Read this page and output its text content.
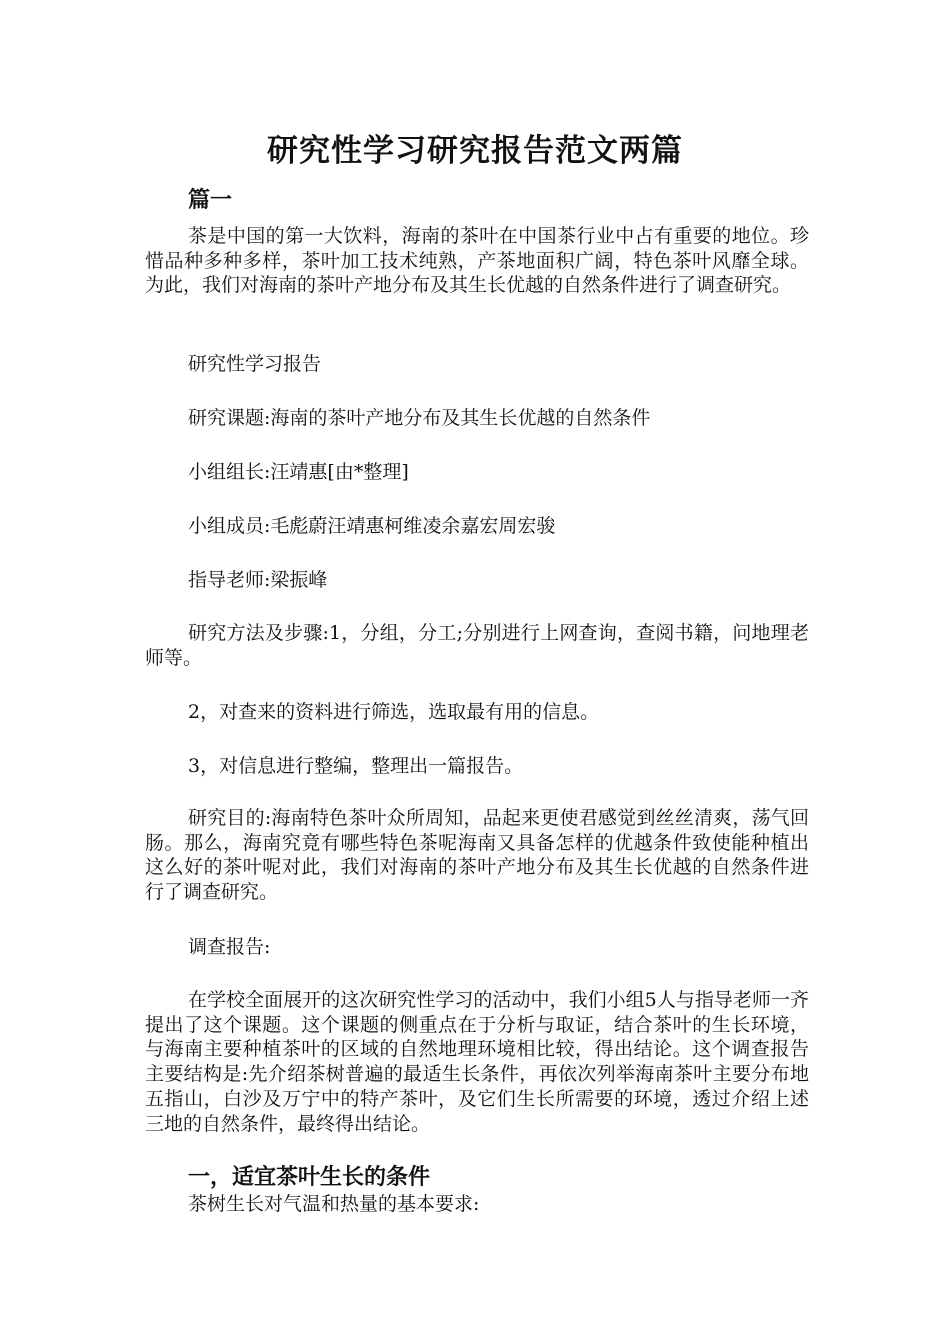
研究性学习研究报告范文两篇
篇一

茶是中国的第一大饮料，海南的茶叶在中国茶行业中占有重要的地位。珍惜品种多种多样，茶叶加工技术纯熟，产茶地面积广阔，特色茶叶风靡全球。为此，我们对海南的茶叶产地分布及其生长优越的自然条件进行了调查研究。

研究性学习报告

研究课题:海南的茶叶产地分布及其生长优越的自然条件

小组组长:汪靖惠[由*整理]

小组成员:毛彪蔚汪靖惠柯维凌余嘉宏周宏骏

指导老师:梁振峰

研究方法及步骤:1，分组，分工;分别进行上网查询，查阅书籍，问地理老师等。

2，对查来的资料进行筛选，选取最有用的信息。

3，对信息进行整编，整理出一篇报告。

研究目的:海南特色茶叶众所周知，品起来更使君感觉到丝丝清爽，荡气回肠。那么，海南究竟有哪些特色茶呢海南又具备怎样的优越条件致使能种植出这么好的茶叶呢对此，我们对海南的茶叶产地分布及其生长优越的自然条件进行了调查研究。

调查报告:

在学校全面展开的这次研究性学习的活动中，我们小组5人与指导老师一齐提出了这个课题。这个课题的侧重点在于分析与取证，结合茶叶的生长环境，与海南主要种植茶叶的区域的自然地理环境相比较，得出结论。这个调查报告主要结构是:先介绍茶树普遍的最适生长条件，再依次列举海南茶叶主要分布地五指山，白沙及万宁中的特产茶叶，及它们生长所需要的环境，透过介绍上述三地的自然条件，最终得出结论。

一，适宜茶叶生长的条件

茶树生长对气温和热量的基本要求:
